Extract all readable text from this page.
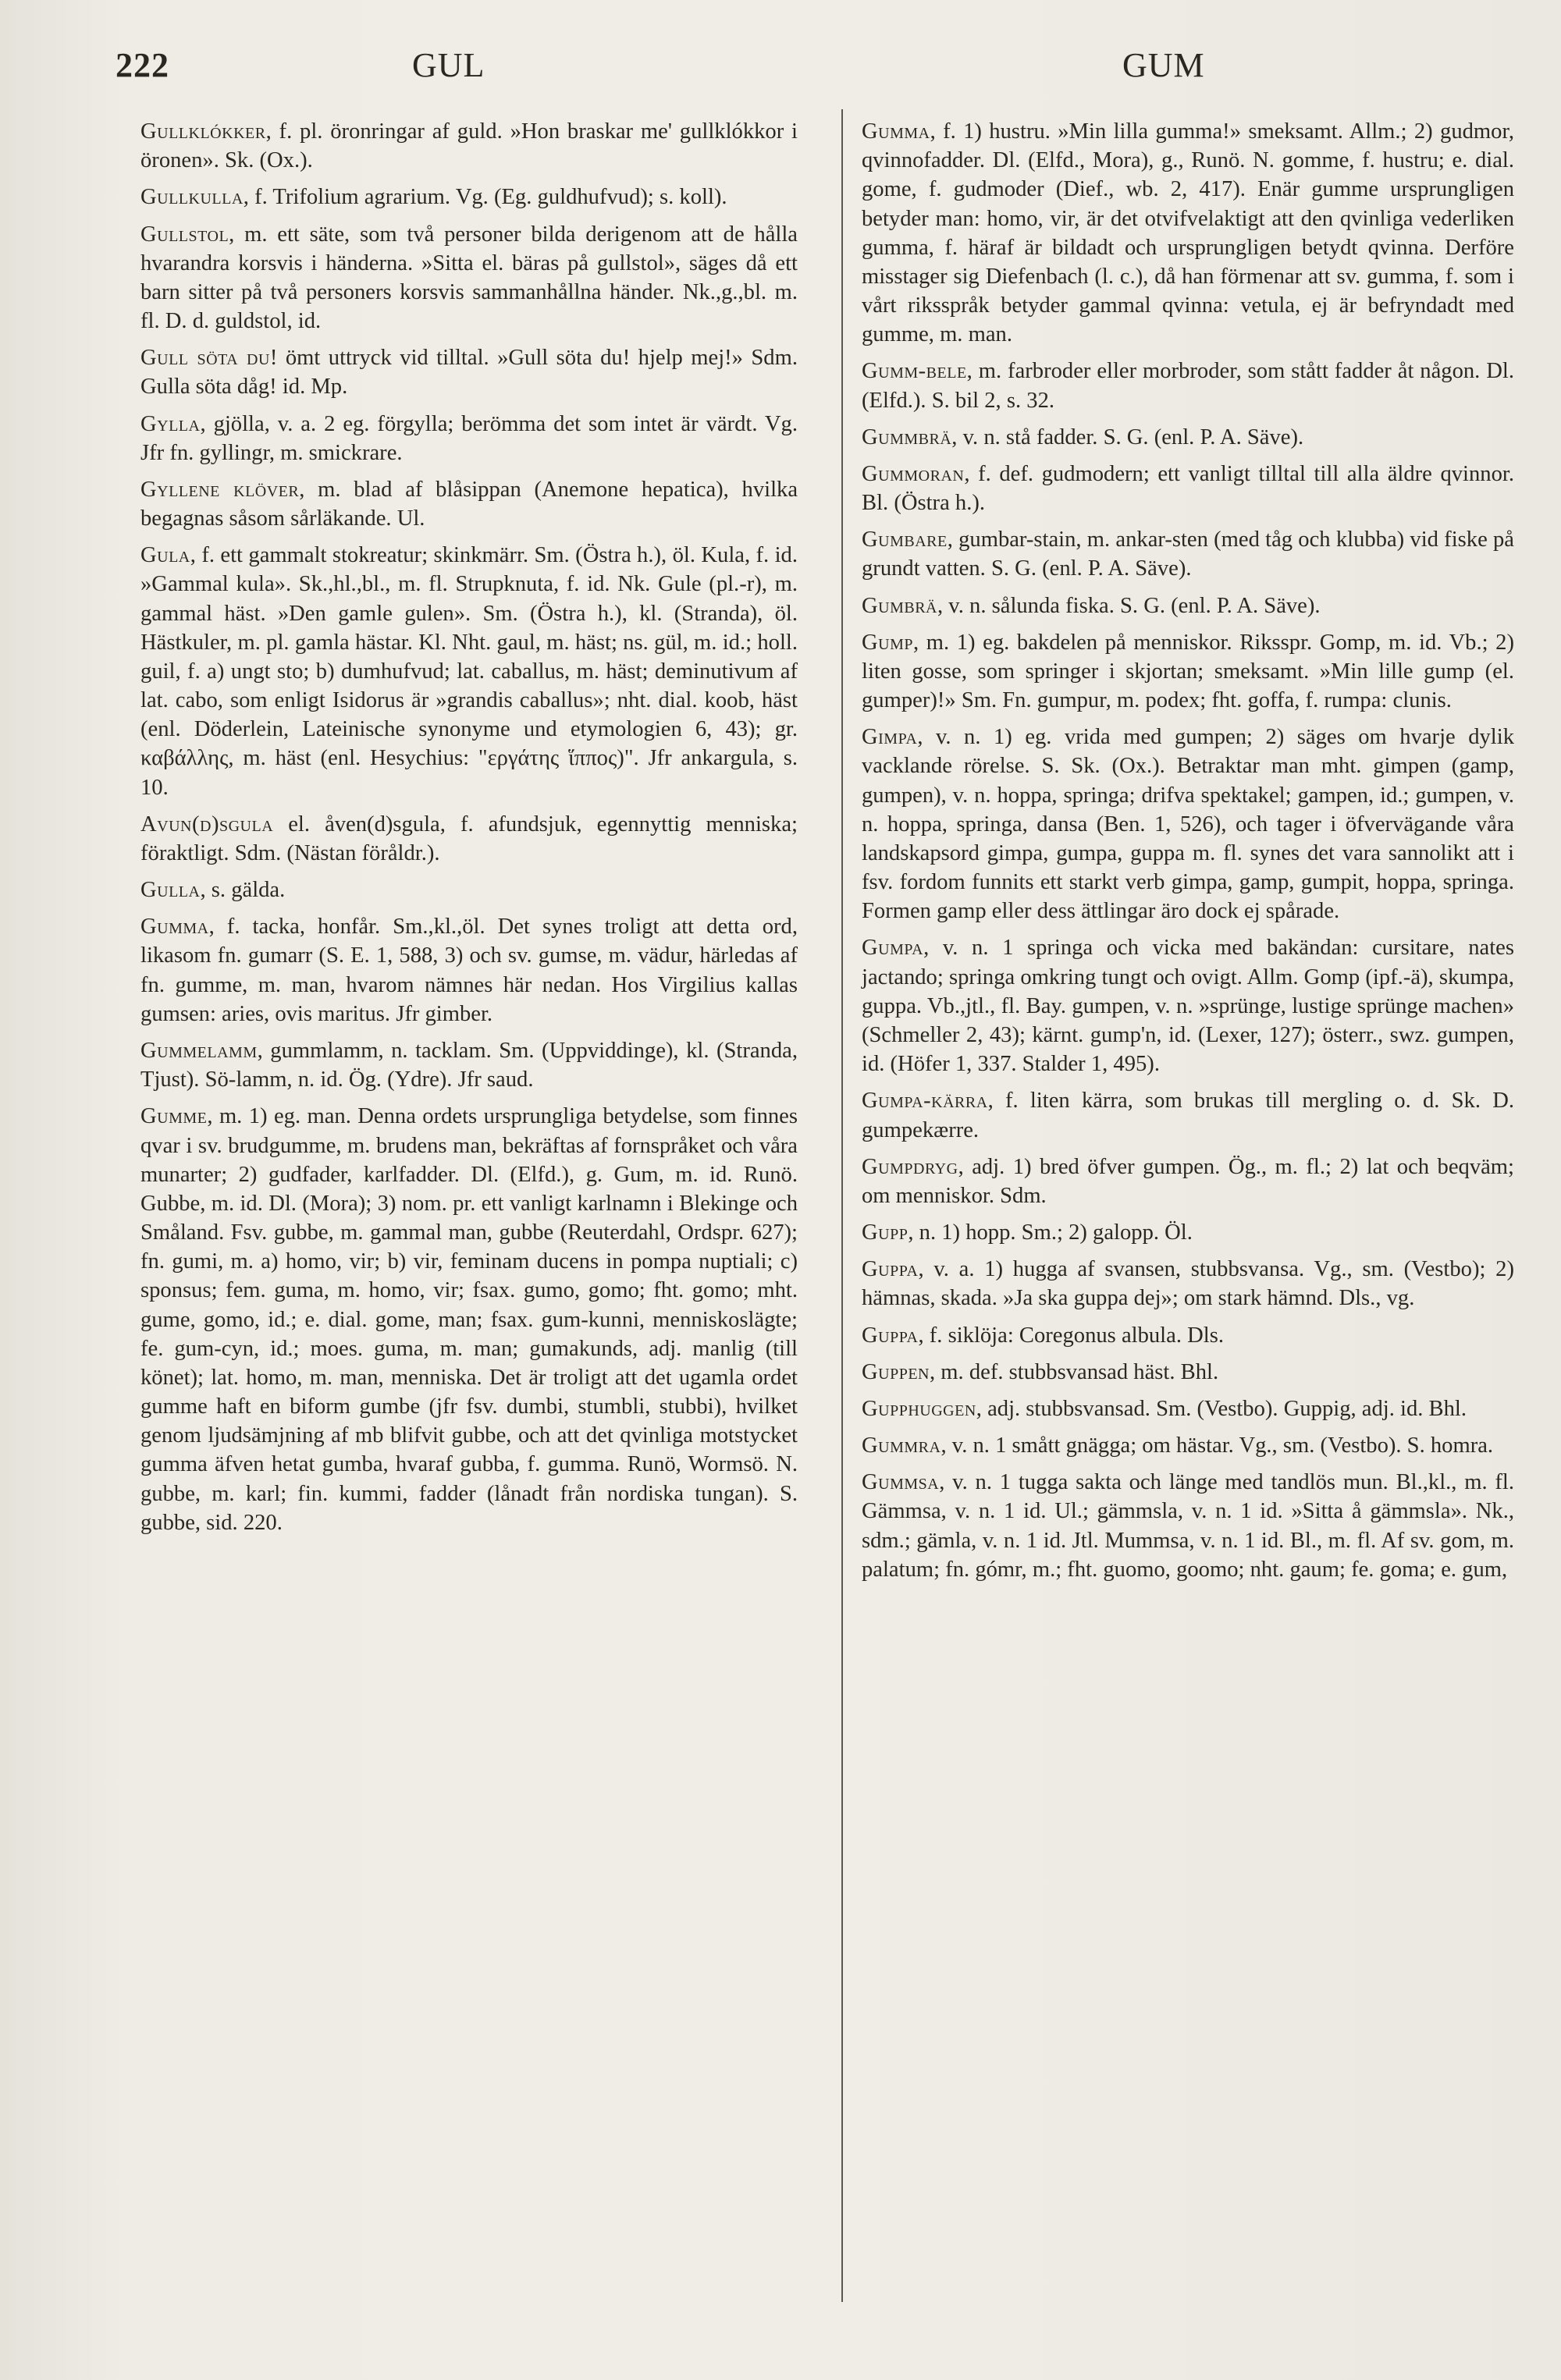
222	GUL	GUM

Gullklókker, f. pl. öronringar af guld. »Hon braskar me' gullklókkor i öronen». Sk. (Ox.).

Gullkulla, f. Trifolium agrarium. Vg. (Eg. guldhufvud); s. koll).

Gullstol, m. ett säte, som två personer bilda derigenom att de hålla hvarandra korsvis i händerna. »Sitta el. bäras på gullstol», säges då ett barn sitter på två personers korsvis sammanhållna händer. Nk.,g.,bl. m. fl. D. d. guldstol, id.

Gull söta du! ömt uttryck vid tilltal. »Gull söta du! hjelp mej!» Sdm. Gulla söta dåg! id. Mp.

Gylla, gjölla, v. a. 2 eg. förgylla; berömma det som intet är värdt. Vg. Jfr fn. gyllingr, m. smickrare.

Gyllene klöver, m. blad af blåsippan (Anemone hepatica), hvilka begagnas såsom sårläkande. Ul.

Gula, f. ett gammalt stokreatur; skinkmärr. Sm. (Östra h.), öl. Kula, f. id. »Gammal kula». Sk.,hl.,bl., m. fl. Strupknuta, f. id. Nk. Gule (pl.-r), m. gammal häst. »Den gamle gulen». Sm. (Östra h.), kl. (Stranda), öl. Hästkuler, m. pl. gamla hästar. Kl. Nht. gaul, m. häst; ns. gül, m. id.; holl. guil, f. a) ungt sto; b) dumhufvud; lat. caballus, m. häst; deminutivum af lat. cabo, som enligt Isidorus är »grandis caballus»; nht. dial. koob, häst (enl. Döderlein, Lateinische synonyme und etymologien 6, 43); gr. καβάλλης, m. häst (enl. Hesychius: "εργάτης ἵππος)". Jfr ankargula, s. 10.

Avun(d)sgula el. åven(d)sgula, f. afundsjuk, egennyttig menniska; föraktligt. Sdm. (Nästan föråldr.).

Gulla, s. gälda.

Gumma, f. tacka, honfår. Sm.,kl.,öl. Det synes troligt att detta ord, likasom fn. gumarr (S. E. 1, 588, 3) och sv. gumse, m. vädur, härledas af fn. gumme, m. man, hvarom nämnes här nedan. Hos Virgilius kallas gumsen: aries, ovis maritus. Jfr gimber.

Gummelamm, gummlamm, n. tacklam. Sm. (Uppviddinge), kl. (Stranda, Tjust). Sö-lamm, n. id. Ög. (Ydre). Jfr saud.

Gumme, m. 1) eg. man. Denna ordets ursprungliga betydelse, som finnes qvar i sv. brudgumme, m. brudens man, bekräftas af fornspråket och våra munarter; 2) gudfader, karlfadder. Dl. (Elfd.), g. Gum, m. id. Runö. Gubbe, m. id. Dl. (Mora); 3) nom. pr. ett vanligt karlnamn i Blekinge och Småland. Fsv. gubbe, m. gammal man, gubbe (Reuterdahl, Ordspr. 627); fn. gumi, m. a) homo, vir; b) vir, feminam ducens in pompa nuptiali; c) sponsus; fem. guma, m. homo, vir; fsax. gumo, gomo; fht. gomo; mht. gume, gomo, id.; e. dial. gome, man; fsax. gum-kunni, menniskoslägte; fe. gum-cyn, id.; moes. guma, m. man; gumakunds, adj. manlig (till könet); lat. homo, m. man, menniska. Det är troligt att det ugamla ordet gumme haft en biform gumbe (jfr fsv. dumbi, stumbli, stubbi), hvilket genom ljudsämjning af mb blifvit gubbe, och att det qvinliga motstycket gumma äfven hetat gumba, hvaraf gubba, f. gumma. Runö, Wormsö. N. gubbe, m. karl; fin. kummi, fadder (lånadt från nordiska tungan). S. gubbe, sid. 220.

Gumma, f. 1) hustru. »Min lilla gumma!» smeksamt. Allm.; 2) gudmor, qvinnofadder. Dl. (Elfd., Mora), g., Runö. N. gomme, f. hustru; e. dial. gome, f. gudmoder (Dief., wb. 2, 417). Enär gumme ursprungligen betyder man: homo, vir, är det otvifvelaktigt att den qvinliga vederliken gumma, f. häraf är bildadt och ursprungligen betydt qvinna. Derföre misstager sig Diefenbach (l. c.), då han förmenar att sv. gumma, f. som i vårt riksspråk betyder gammal qvinna: vetula, ej är befryndadt med gumme, m. man.

Gumm-bele, m. farbroder eller morbroder, som stått fadder åt någon. Dl. (Elfd.). S. bil 2, s. 32.

Gummbrä, v. n. stå fadder. S. G. (enl. P. A. Säve).

Gummoran, f. def. gudmodern; ett vanligt tilltal till alla äldre qvinnor. Bl. (Östra h.).

Gumbare, gumbar-stain, m. ankar-sten (med tåg och klubba) vid fiske på grundt vatten. S. G. (enl. P. A. Säve).

Gumbrä, v. n. sålunda fiska. S. G. (enl. P. A. Säve).

Gump, m. 1) eg. bakdelen på menniskor. Riksspr. Gomp, m. id. Vb.; 2) liten gosse, som springer i skjortan; smeksamt. »Min lille gump (el. gumper)!» Sm. Fn. gumpur, m. podex; fht. goffa, f. rumpa: clunis.

Gimpa, v. n. 1) eg. vrida med gumpen; 2) säges om hvarje dylik vacklande rörelse. S. Sk. (Ox.). Betraktar man mht. gimpen (gamp, gumpen), v. n. hoppa, springa; drifva spektakel; gampen, id.; gumpen, v. n. hoppa, springa, dansa (Ben. 1, 526), och tager i öfvervägande våra landskapsord gimpa, gumpa, guppa m. fl. synes det vara sannolikt att i fsv. fordom funnits ett starkt verb gimpa, gamp, gumpit, hoppa, springa. Formen gamp eller dess ättlingar äro dock ej spårade.

Gumpa, v. n. 1 springa och vicka med bakändan: cursitare, nates jactando; springa omkring tungt och ovigt. Allm. Gomp (ipf.-ä), skumpa, guppa. Vb.,jtl., fl. Bay. gumpen, v. n. »sprünge, lustige sprünge machen» (Schmeller 2, 43); kärnt. gump'n, id. (Lexer, 127); österr., swz. gumpen, id. (Höfer 1, 337. Stalder 1, 495).

Gumpa-kärra, f. liten kärra, som brukas till mergling o. d. Sk. D. gumpekærre.

Gumpdryg, adj. 1) bred öfver gumpen. Ög., m. fl.; 2) lat och beqväm; om menniskor. Sdm.

Gupp, n. 1) hopp. Sm.; 2) galopp. Öl.

Guppa, v. a. 1) hugga af svansen, stubbsvansa. Vg., sm. (Vestbo); 2) hämnas, skada. »Ja ska guppa dej»; om stark hämnd. Dls., vg.

Guppa, f. siklöja: Coregonus albula. Dls.

Guppen, m. def. stubbsvansad häst. Bhl.

Gupphuggen, adj. stubbsvansad. Sm. (Vestbo). Guppig, adj. id. Bhl.

Gummra, v. n. 1 smått gnägga; om hästar. Vg., sm. (Vestbo). S. homra.

Gummsa, v. n. 1 tugga sakta och länge med tandlös mun. Bl.,kl., m. fl. Gämmsa, v. n. 1 id. Ul.; gämmsla, v. n. 1 id. »Sitta å gämmsla». Nk., sdm.; gämla, v. n. 1 id. Jtl. Mummsa, v. n. 1 id. Bl., m. fl. Af sv. gom, m. palatum; fn. gómr, m.; fht. guomo, goomo; nht. gaum; fe. goma; e. gum,
